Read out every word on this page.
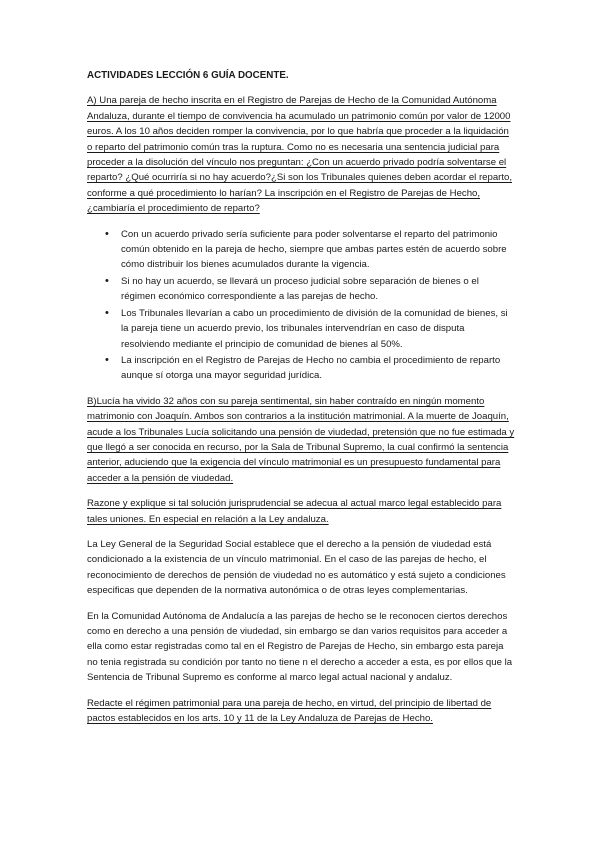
ACTIVIDADES LECCIÓN 6 GUÍA DOCENTE.

A) Una pareja de hecho inscrita en el Registro de Parejas de Hecho de la Comunidad Autónoma Andaluza, durante el tiempo de convivencia ha acumulado un patrimonio común por valor de 12000 euros. A los 10 años deciden romper la convivencia, por lo que habría que proceder a la liquidación o reparto del patrimonio común tras la ruptura. Como no es necesaria una sentencia judicial para proceder a la disolución del vínculo nos preguntan: ¿Con un acuerdo privado podría solventarse el reparto? ¿Qué ocurriría si no hay acuerdo?¿Si son los Tribunales quienes deben acordar el reparto, conforme a qué procedimiento lo harían? La inscripción en el Registro de Parejas de Hecho, ¿cambiaría el procedimiento de reparto?

• Con un acuerdo privado sería suficiente para poder solventarse el reparto del patrimonio común obtenido en la pareja de hecho, siempre que ambas partes estén de acuerdo sobre cómo distribuir los bienes acumulados durante la vigencia.
• Si no hay un acuerdo, se llevará un proceso judicial sobre separación de bienes o el régimen económico correspondiente a las parejas de hecho.
• Los Tribunales llevarían a cabo un procedimiento de división de la comunidad de bienes, si la pareja tiene un acuerdo previo, los tribunales intervendrían en caso de disputa resolviendo mediante el principio de comunidad de bienes al 50%.
• La inscripción en el Registro de Parejas de Hecho no cambia el procedimiento de reparto aunque sí otorga una mayor seguridad jurídica.

B)Lucía ha vivido 32 años con su pareja sentimental, sin haber contraído en ningún momento matrimonio con Joaquín. Ambos son contrarios a la institución matrimonial. A la muerte de Joaquín, acude a los Tribunales Lucía solicitando una pensión de viudedad, pretensión que no fue estimada y que llegó a ser conocida en recurso, por la Sala de Tribunal Supremo, la cual confirmó la sentencia anterior, aduciendo que la exigencia del vínculo matrimonial es un presupuesto fundamental para acceder a la pensión de viudedad.

Razone y explique si tal solución jurisprudencial se adecua al actual marco legal establecido para tales uniones. En especial en relación a la Ley andaluza.

La Ley General de la Seguridad Social establece que el derecho a la pensión de viudedad está condicionado a la existencia de un vínculo matrimonial. En el caso de las parejas de hecho, el reconocimiento de derechos de pensión de viudedad no es automático y está sujeto a condiciones especificas que dependen de la normativa autonómica o de otras leyes complementarias.

En la Comunidad Autónoma de Andalucía a las parejas de hecho se le reconocen ciertos derechos como en derecho a una pensión de viudedad, sin embargo se dan varios requisitos para acceder a ella como estar registradas como tal en el Registro de Parejas de Hecho, sin embargo esta pareja no tenia registrada su condición por tanto no tiene n el derecho a acceder a esta, es por ellos que la Sentencia de Tribunal Supremo es conforme al marco legal actual nacional y andaluz.

Redacte el régimen patrimonial para una pareja de hecho, en virtud, del principio de libertad de pactos establecidos en los arts. 10 y 11 de la Ley Andaluza de Parejas de Hecho.
